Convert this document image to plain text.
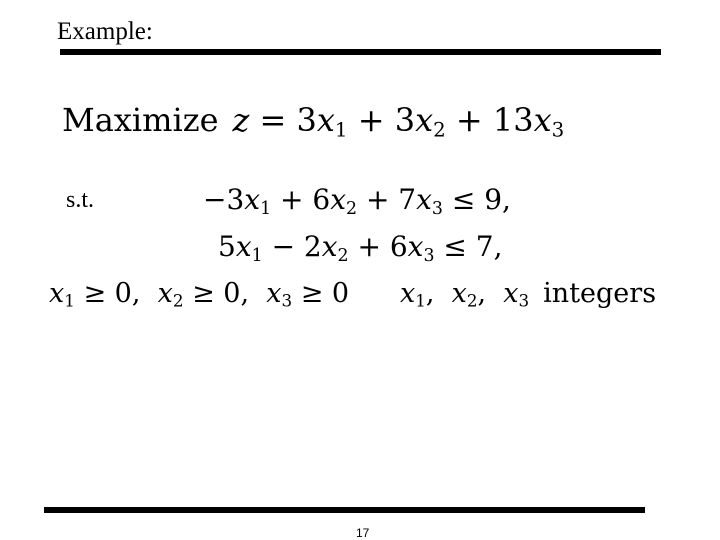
Example:
Maximize $z = 3x_1 + 3x_2 + 13x_3$
s.t.	$-3x_1 + 6x_2 + 7x_3 \le 9$,
$5x_1 - 2x_2 + 6x_3 \le 7$,
$x_1 \ge 0$,  $x_2 \ge 0$,  $x_3 \ge 0$ $x_1$,  $x_2$,  $x_3$ integers
17
